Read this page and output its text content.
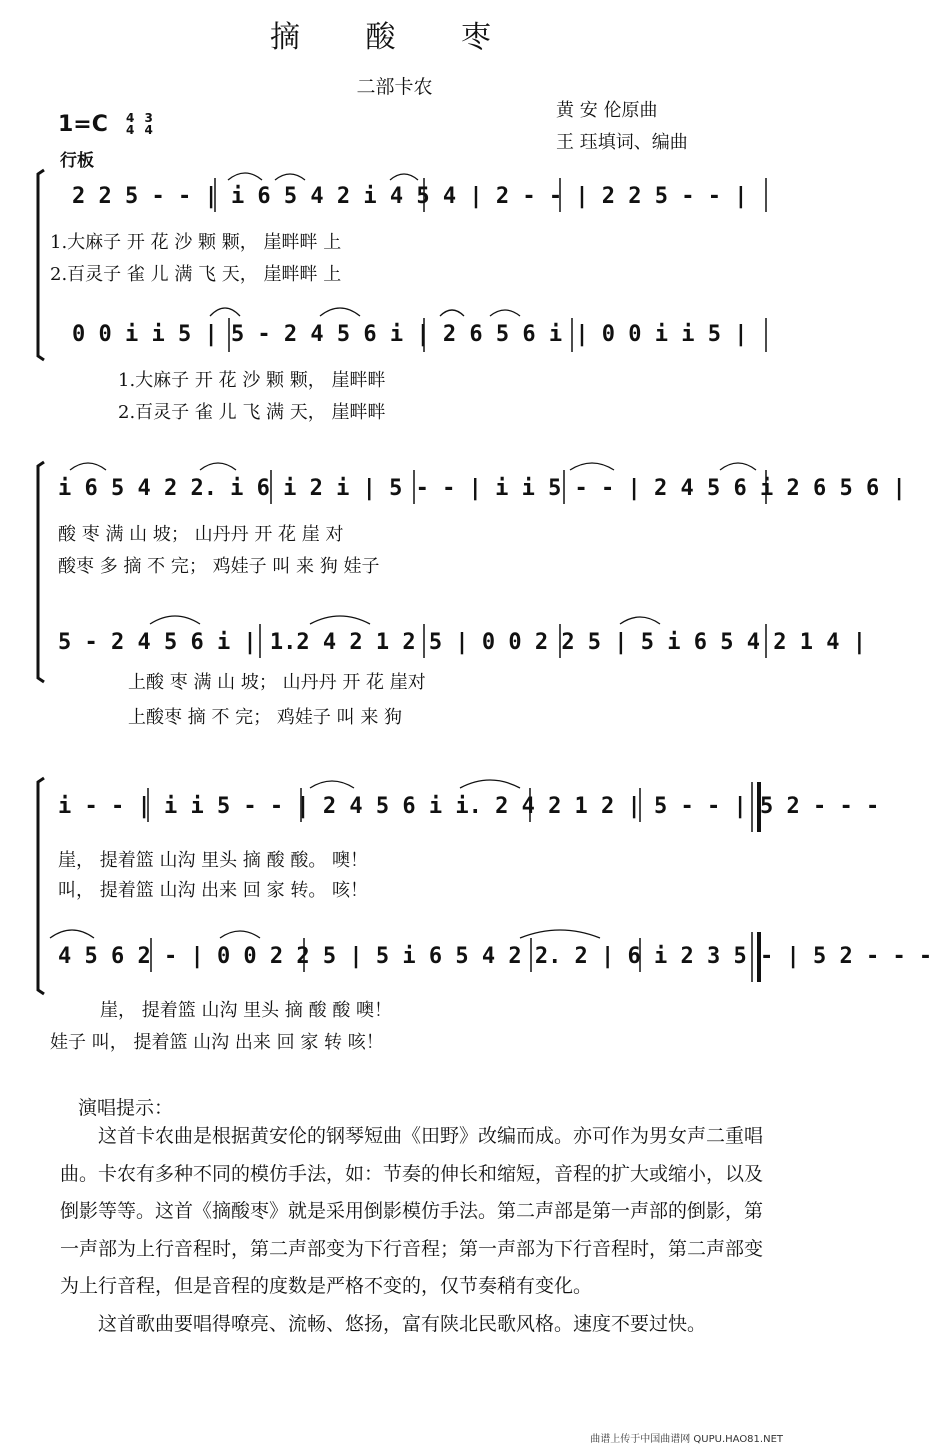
摘 酸 枣
二部卡农
黄 安 伦原曲
王 珏填词、编曲
1=C 4
4 3
4
行板
2 2 5 - - | i 6 5 4 2 i 4 5 4 | 2 - - | 2 2 5 - - |
1.大麻子 开 花 沙 颗 颗， 崖畔畔 上
2.百灵子 雀 儿 满 飞 天， 崖畔畔 上
0 0 i i 5 | 5 - 2 4 5 6 i | 2 6 5 6 i | 0 0 i i 5 |
1.大麻子 开 花 沙 颗 颗， 崖畔畔
2.百灵子 雀 儿 飞 满 天， 崖畔畔
i 6 5 4 2 2. i 6 i 2 i | 5 - - | i i 5 - - | 2 4 5 6 i 2 6 5 6 |
酸 枣 满 山 坡； 山丹丹 开 花 崖 对
酸枣 多 摘 不 完； 鸡娃子 叫 来 狗 娃子
5 - 2 4 5 6 i | 1.2 4 2 1 2 5 | 0 0 2 2 5 | 5 i 6 5 4 2 1 4 |
上酸 枣 满 山 坡； 山丹丹 开 花 崖对
上酸枣 摘 不 完； 鸡娃子 叫 来 狗
i - - | i i 5 - - | 2 4 5 6 i i. 2 4 2 1 2 | 5 - - | 5 2 - - -
崖， 提着篮 山沟 里头 摘 酸 酸。 噢！
叫， 提着篮 山沟 出来 回 家 转。 咳！
4 5 6 2 - | 0 0 2 2 5 | 5 i 6 5 4 2 2. 2 | 6 i 2 3 5 - | 5 2 - - -
崖， 提着篮 山沟 里头 摘 酸 酸 噢！
娃子 叫， 提着篮 山沟 出来 回 家 转 咳！
演唱提示：

这首卡农曲是根据黄安伦的钢琴短曲《田野》改编而成。亦可作为男女声二重唱曲。卡农有多种不同的模仿手法，如：节奏的伸长和缩短，音程的扩大或缩小，以及倒影等等。这首《摘酸枣》就是采用倒影模仿手法。第二声部是第一声部的倒影，第一声部为上行音程时，第二声部变为下行音程；第一声部为下行音程时，第二声部变为上行音程，但是音程的度数是严格不变的，仅节奏稍有变化。

这首歌曲要唱得嘹亮、流畅、悠扬，富有陕北民歌风格。速度不要过快。

曲谱上传于中国曲谱网 QUPU.HAO81.NET
